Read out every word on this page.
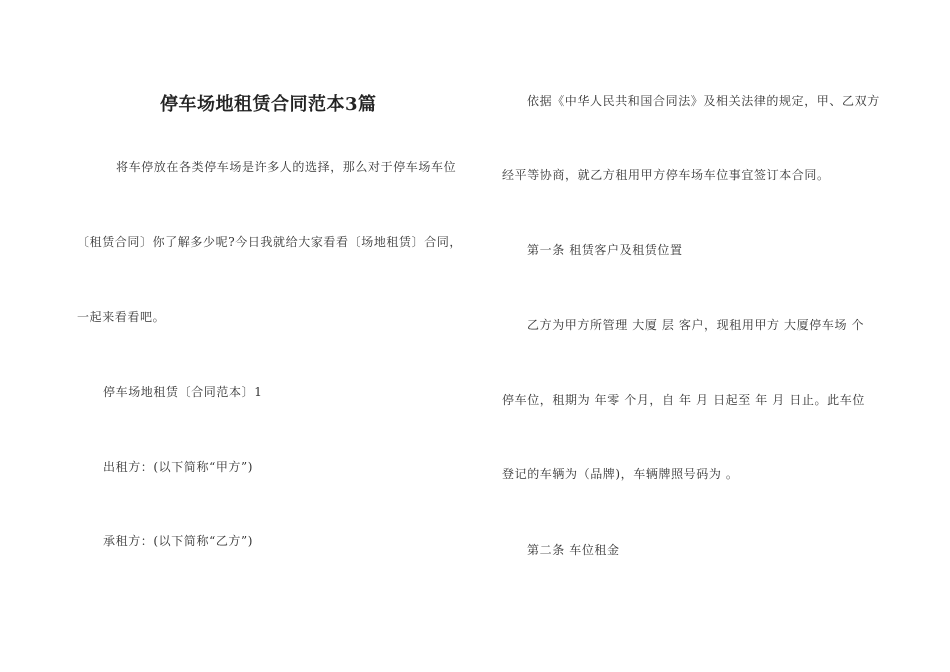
停车场地租赁合同范本3篇
将车停放在各类停车场是许多人的选择，那么对于停车场车位
〔租赁合同〕你了解多少呢?今日我就给大家看看〔场地租赁〕合同，
一起来看看吧。
停车场地租赁〔合同范本〕1
出租方：(以下简称“甲方”)
承租方：(以下简称“乙方”)
依据《中华人民共和国合同法》及相关法律的规定，甲、乙双方
经平等协商，就乙方租用甲方停车场车位事宜签订本合同。
第一条 租赁客户及租赁位置
乙方为甲方所管理 大厦 层 客户，现租用甲方 大厦停车场 个
停车位，租期为 年零 个月，自 年 月 日起至 年 月 日止。此车位
登记的车辆为（品牌)，车辆牌照号码为 。
第二条 车位租金
